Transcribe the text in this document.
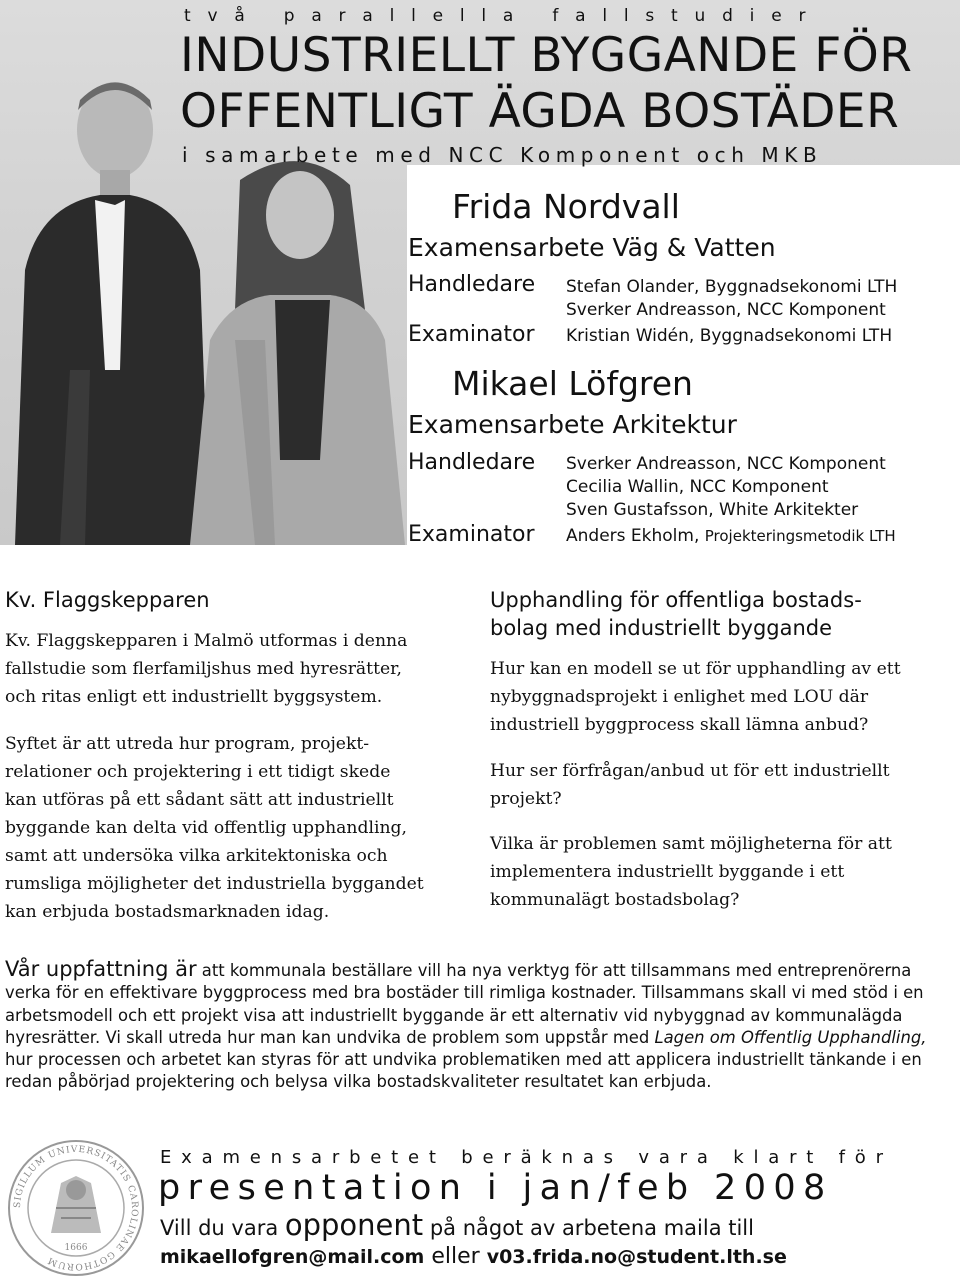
två parallella fallstudier
INDUSTRIELLT BYGGANDE FÖR
OFFENTLIGT ÄGDA BOSTÄDER
i samarbete med NCC Komponent och MKB
Frida Nordvall
Examensarbete Väg & Vatten
Handledare Stefan Olander, Byggnadsekonomi LTH
Sverker Andreasson, NCC Komponent
Examinator Kristian Widén, Byggnadsekonomi LTH
Mikael Löfgren
Examensarbete Arkitektur
Handledare Sverker Andreasson, NCC Komponent
Cecilia Wallin, NCC Komponent
Sven Gustafsson, White Arkitekter
Examinator Anders Ekholm, Projekteringsmetodik LTH
Kv. Flaggskepparen
Kv. Flaggskepparen i Malmö utformas i denna
fallstudie som flerfamiljshus med hyresrätter,
och ritas enligt ett industriellt byggsystem.
Syftet är att utreda hur program, projekt-
relationer och projektering i ett tidigt skede
kan utföras på ett sådant sätt att industriellt
byggande kan delta vid offentlig upphandling,
samt att undersöka vilka arkitektoniska och
rumsliga möjligheter det industriella byggandet
kan erbjuda bostadsmarknaden idag.
Upphandling för offentliga bostads-
bolag med industriellt byggande
Hur kan en modell se ut för upphandling av ett
nybyggnadsprojekt i enlighet med LOU där
industriell byggprocess skall lämna anbud?
Hur ser förfrågan/anbud ut för ett industriellt
projekt?
Vilka är problemen samt möjligheterna för att
implementera industriellt byggande i ett
kommunalägt bostadsbolag?
Vår uppfattning är att kommunala beställare vill ha nya verktyg för att tillsammans med entreprenörerna verka för en effektivare byggprocess med bra bostäder till rimliga kostnader. Tillsammans skall vi med stöd i en arbetsmodell och ett projekt visa att industriellt byggande är ett alternativ vid nybyggnad av kommunalägda hyresrätter. Vi skall utreda hur man kan undvika de problem som uppstår med Lagen om Offentlig Upphandling, hur processen och arbetet kan styras för att undvika problematiken med att applicera industriellt tänkande i en redan påbörjad projektering och belysa vilka bostadskvaliteter resultatet kan erbjuda.
SIGILLUM UNIVERSITATIS CAROLINAE GOTHORUM
1666
Examensarbetet beräknas vara klart för
presentation i jan/feb 2008
Vill du vara opponent på något av arbetena maila till
mikaellofgren@mail.com eller v03.frida.no@student.lth.se
